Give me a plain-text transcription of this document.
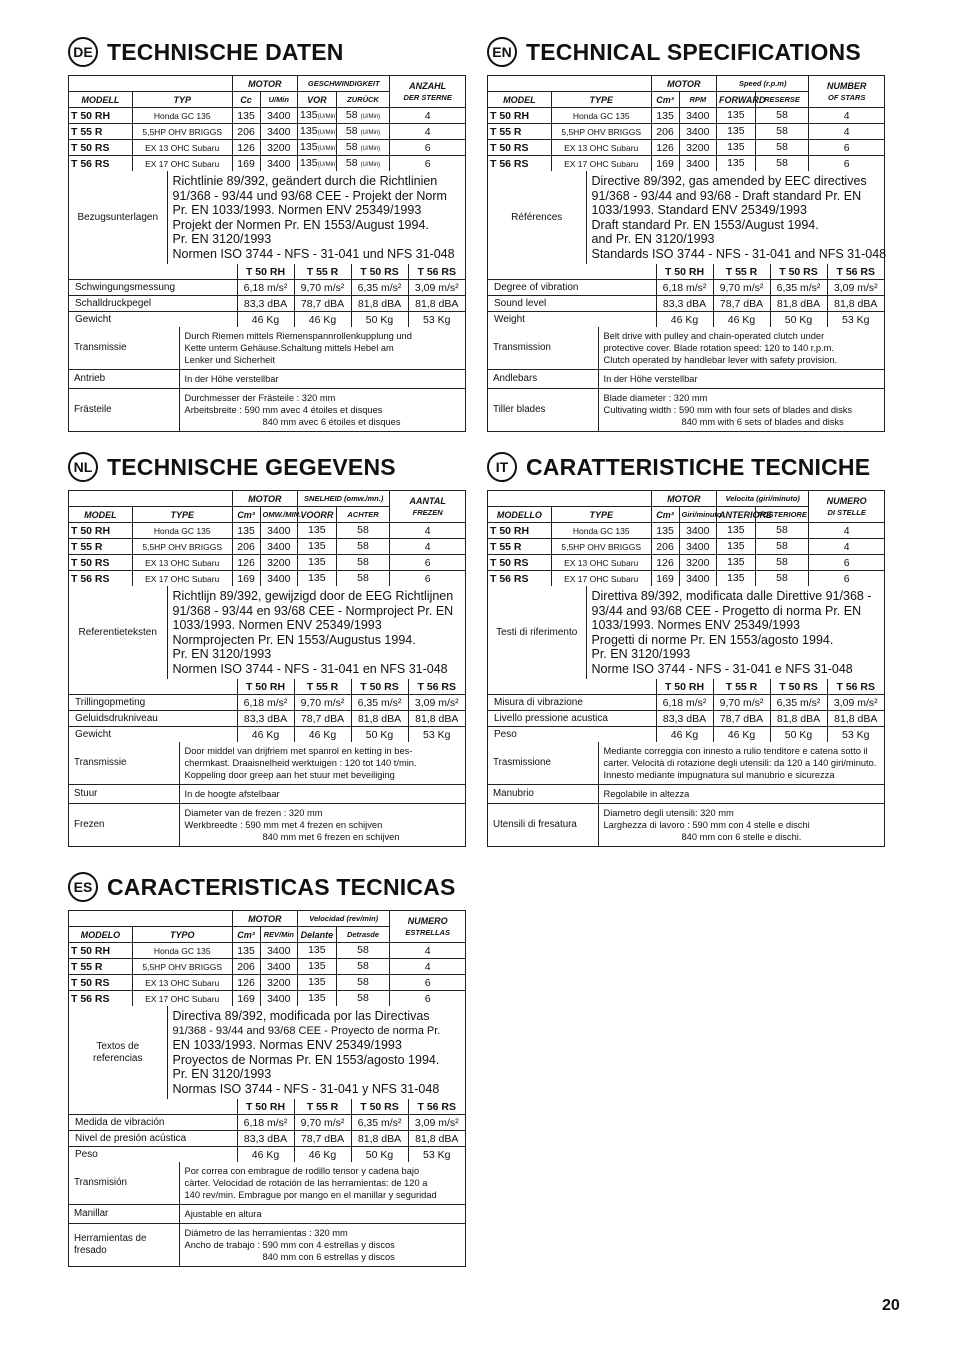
DE TECHNISCHE DATEN
		MOTOR		GESCHWINDIGKEIT		ANZAHL
DER STERNE

MODELL	TYP	Cc	U/Min	VOR	ZURÜCK	
T 50 RH	Honda GC 135	135	3400	135(U/Min)	58 (U/Min)	4
T 55 R	5,5HP OHV BRIGGS	206	3400	135(U/Min)	58 (U/Min)	4
T 50 RS	EX 13 OHC Subaru	126	3200	135(U/Min)	58 (U/Min)	6
T 56 RS	EX 17 OHC Subaru	169	3400	135(U/Min)	58 (U/Min)	6
Bezugsunterlagen	
Richtlinie 89/392, geändert durch die Richtlinien
91/368 - 93/44 und 93/68 CEE - Projekt der Norm
Pr. EN 1033/1993. Normen ENV 25349/1993
Projekt der Normen Pr. EN 1553/August 1994.
Pr. EN 3120/1993
Normen ISO 3744 - NFS - 31-041 und NFS 31-048
	T 50 RH	T 55 R	T 50 RS	T 56 RS
Schwingungsmessung	6,18 m/s²	9,70 m/s²	6,35 m/s²	3,09 m/s²
Schalldruckpegel	83,3 dBA	78,7 dBA	81,8 dBA	81,8 dBA
Gewicht	46 Kg	46 Kg	50 Kg	53 Kg
Transmissie	Durch Riemen mittels Riemenspannrollenkupplung und
Kette unterm Gehäuse.Schaltung mittels Hebel am
Lenker und Sicherheit

Antrieb	In der Höhe verstellbar

Frästeile	Durchmesser der Frästeile : 320 mm
Arbeitsbreite : 590 mm avec 4 étoiles et disques
840 mm avec 6 étoiles et disques
EN TECHNICAL SPECIFICATIONS
		MOTOR		Speed (r.p.m)		NUMBER
OF STARS

MODEL	TYPE	Cm³	RPM	FORWARD	RESERSE	
T 50 RH	Honda GC 135	135	3400	135	58	4
T 55 R	5,5HP OHV BRIGGS	206	3400	135	58	4
T 50 RS	EX 13 OHC Subaru	126	3200	135	58	6
T 56 RS	EX 17 OHC Subaru	169	3400	135	58	6
Références	
Directive 89/392, gas amended by EEC directives
91/368 - 93/44 and 93/68 - Draft standard Pr. EN
1033/1993. Standard ENV 25349/1993
Draft standard Pr. EN 1553/August 1994.
and Pr. EN 3120/1993
Standards ISO 3744 - NFS - 31-041 and NFS 31-048
	T 50 RH	T 55 R	T 50 RS	T 56 RS
Degree of vibration	6,18 m/s²	9,70 m/s²	6,35 m/s²	3,09 m/s²
Sound level	83,3 dBA	78,7 dBA	81,8 dBA	81,8 dBA
Weight	46 Kg	46 Kg	50 Kg	53 Kg
Transmission	Belt drive with pulley and chain-operated clutch under
protective cover. Blade rotation speed: 120 to 140 r.p.m.
Clutch operated by handlebar lever with safety provision.

Andlebars	In der Höhe verstellbar

Tiller blades	Blade diameter : 320 mm
Cultivating width : 590 mm with four sets of blades and disks
840 mm with 6 sets of blades and disks
NL TECHNISCHE GEGEVENS
		MOTOR		SNELHEID (omw./mn.)		AANTAL
FREZEN

MODEL	TYPE	Cm³	OMW./MIN.	VOORR	ACHTER	
T 50 RH	Honda GC 135	135	3400	135	58	4
T 55 R	5,5HP OHV BRIGGS	206	3400	135	58	4
T 50 RS	EX 13 OHC Subaru	126	3200	135	58	6
T 56 RS	EX 17 OHC Subaru	169	3400	135	58	6
Referentieteksten	
Richtlijn 89/392, gewijzigd door de EEG Richtlijnen
91/368 - 93/44 en 93/68 CEE - Normproject Pr. EN
1033/1993. Normen ENV 25349/1993
Normprojecten Pr. EN 1553/Augustus 1994.
Pr. EN 3120/1993
Normen ISO 3744 - NFS - 31-041 en NFS 31-048
	T 50 RH	T 55 R	T 50 RS	T 56 RS
Trillingopmeting	6,18 m/s²	9,70 m/s²	6,35 m/s²	3,09 m/s²
Geluidsdrukniveau	83,3 dBA	78,7 dBA	81,8 dBA	81,8 dBA
Gewicht	46 Kg	46 Kg	50 Kg	53 Kg
Transmissie	Door middel van drijfriem met spanrol en ketting in bes-
chermkast. Draaisnelheid werktuigen : 120 tot 140 t/min.
Koppeling door greep aan het stuur met beveiliging

Stuur	In de hoogte afstelbaar

Frezen	Diameter van de frezen : 320 mm
Werkbreedte : 590 mm met 4 frezen en schijven
840 mm met 6 frezen en schijven
IT CARATTERISTICHE TECNICHE
		MOTOR		Velocita (giri/minuto)		NUMERO
DI STELLE

MODELLO	TYPE	Cm³	Giri/minuto	ANTERIORE	POSTERIORE	
T 50 RH	Honda GC 135	135	3400	135	58	4
T 55 R	5,5HP OHV BRIGGS	206	3400	135	58	4
T 50 RS	EX 13 OHC Subaru	126	3200	135	58	6
T 56 RS	EX 17 OHC Subaru	169	3400	135	58	6
Testi di riferimento	
Direttiva 89/392, modificata dalle Direttive 91/368 -
93/44 and 93/68 CEE - Progetto di norma Pr. EN
1033/1993. Normes ENV 25349/1993
Progetti di norme Pr. EN 1553/agosto 1994.
Pr. EN 3120/1993
Norme ISO 3744 - NFS - 31-041 e NFS 31-048
	T 50 RH	T 55 R	T 50 RS	T 56 RS
Misura di vibrazione	6,18 m/s²	9,70 m/s²	6,35 m/s²	3,09 m/s²
Livello pressione acustica	83,3 dBA	78,7 dBA	81,8 dBA	81,8 dBA
Peso	46 Kg	46 Kg	50 Kg	53 Kg
Trasmissione	Mediante correggia con innesto a rulio tenditore e catena sotto il
carter. Velocità di rotazione degli utensili: da 120 a 140 giri/minuto.
Innesto mediante impugnatura sul manubrio e sicurezza

Manubrio	Regolabile in altezza

Utensili di fresatura	Diametro degli utensili: 320 mm
Larghezza di lavoro : 590 mm con 4 stelle e dischi
840 mm con 6 stelle e dischi.
ES CARACTERISTICAS TECNICAS
		MOTOR		Velocidad (rev/min)		NUMERO
ESTRELLAS

MODELO	TYPO	Cm³	REV/Min	Delante	Detrasde	
T 50 RH	Honda GC 135	135	3400	135	58	4
T 55 R	5,5HP OHV BRIGGS	206	3400	135	58	4
T 50 RS	EX 13 OHC Subaru	126	3200	135	58	6
T 56 RS	EX 17 OHC Subaru	169	3400	135	58	6
Textos de referencias	
Directiva 89/392, modificada por las Directivas
91/368 - 93/44 and 93/68 CEE - Proyecto de norma Pr.
EN 1033/1993. Normas ENV 25349/1993
Proyectos de Normas Pr. EN 1553/agosto 1994.
Pr. EN 3120/1993
Normas ISO 3744 - NFS - 31-041 y NFS 31-048
	T 50 RH	T 55 R	T 50 RS	T 56 RS
Medida de vibración	6,18 m/s²	9,70 m/s²	6,35 m/s²	3,09 m/s²
Nivel de presión acústica	83,3 dBA	78,7 dBA	81,8 dBA	81,8 dBA
Peso	46 Kg	46 Kg	50 Kg	53 Kg
Transmisión	Por correa con embrague de rodillo tensor y cadena bajo
càrter. Velocidad de rotación de las herramientas: de 120 a
140 rev/min. Embrague por mango en el manillar y seguridad

Manillar	Ajustable en altura

Herramientas de fresado	Diámetro de las herramientas : 320 mm
Ancho de trabajo : 590 mm con 4 estrellas y discos
840 mm con 6 estrellas y discos
20
